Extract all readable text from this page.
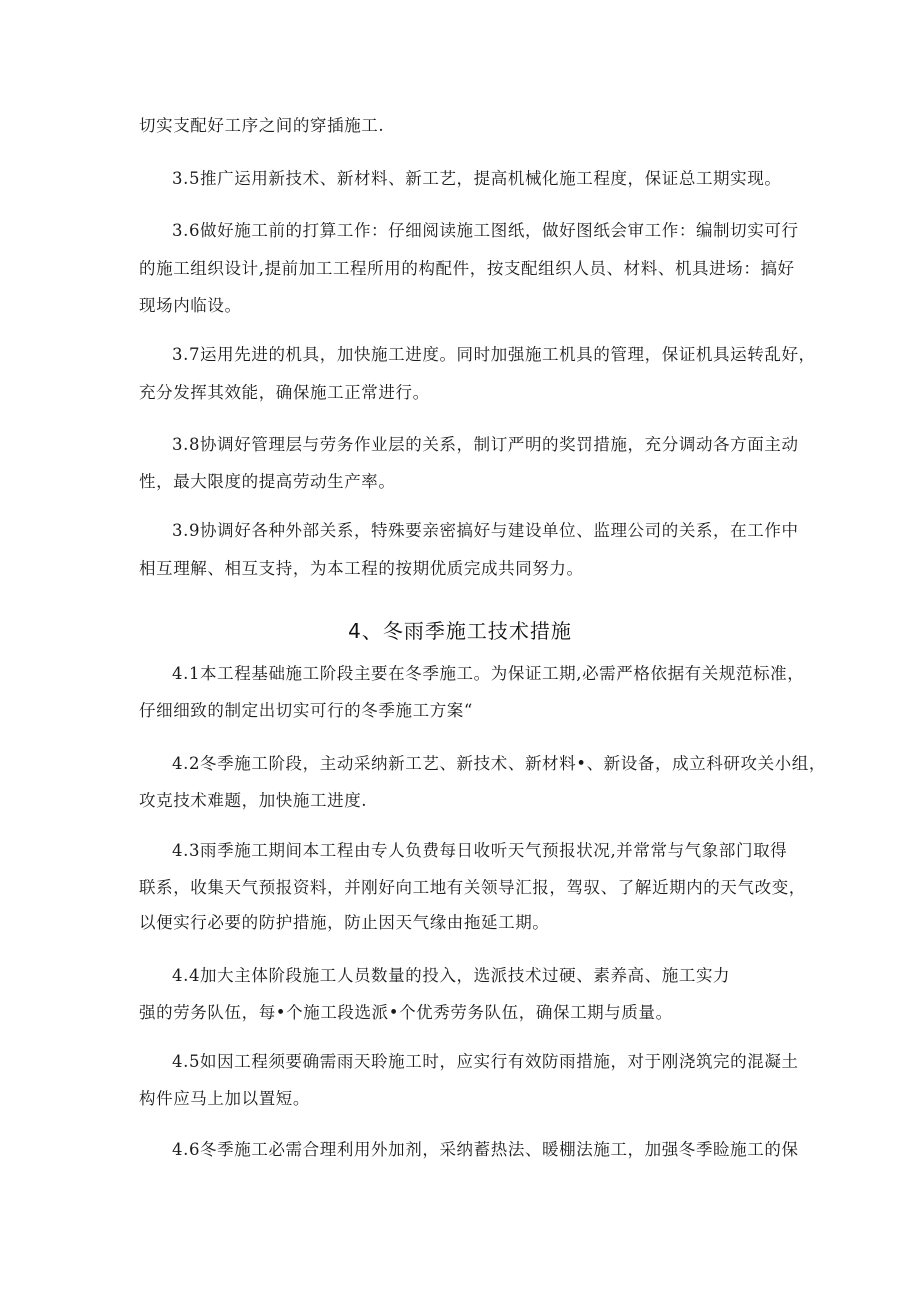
切实支配好工序之间的穿插施工.
3.5推广运用新技术、新材料、新工艺，提高机械化施工程度，保证总工期实现。
3.6做好施工前的打算工作：仔细阅读施工图纸，做好图纸会审工作：编制切实可行
的施工组织设计,提前加工工程所用的构配件，按支配组织人员、材料、机具进场：搞好
现场内临设。
3.7运用先进的机具，加快施工进度。同时加强施工机具的管理，保证机具运转乱好，
充分发挥其效能，确保施工正常进行。
3.8协调好管理层与劳务作业层的关系，制订严明的奖罚措施，充分调动各方面主动
性，最大限度的提高劳动生产率。
3.9协调好各种外部关系，特殊要亲密搞好与建设单位、监理公司的关系，在工作中
相互理解、相互支持，为本工程的按期优质完成共同努力。
4、冬雨季施工技术措施
4.1本工程基础施工阶段主要在冬季施工。为保证工期,必需严格依据有关规范标准，
仔细细致的制定出切实可行的冬季施工方案“
4.2冬季施工阶段，主动采纳新工艺、新技术、新材料•、新设备，成立科研攻关小组，
攻克技术难题，加快施工进度.
4.3雨季施工期间本工程由专人负费每日收听天气预报状况,并常常与气象部门取得
联系，收集天气预报资料，并刚好向工地有关领导汇报，驾驭、了解近期内的天气改变，
以便实行必要的防护措施，防止因天气缘由拖延工期。
4.4加大主体阶段施工人员数量的投入，选派技术过硬、素养高、施工实力
强的劳务队伍，每•个施工段选派•个优秀劳务队伍，确保工期与质量。
4.5如因工程须要确需雨天聆施工时，应实行有效防雨措施，对于刚浇筑完的混凝土
构件应马上加以置短。
4.6冬季施工必需合理利用外加剂，采纳蓄热法、暖棚法施工，加强冬季睑施工的保
